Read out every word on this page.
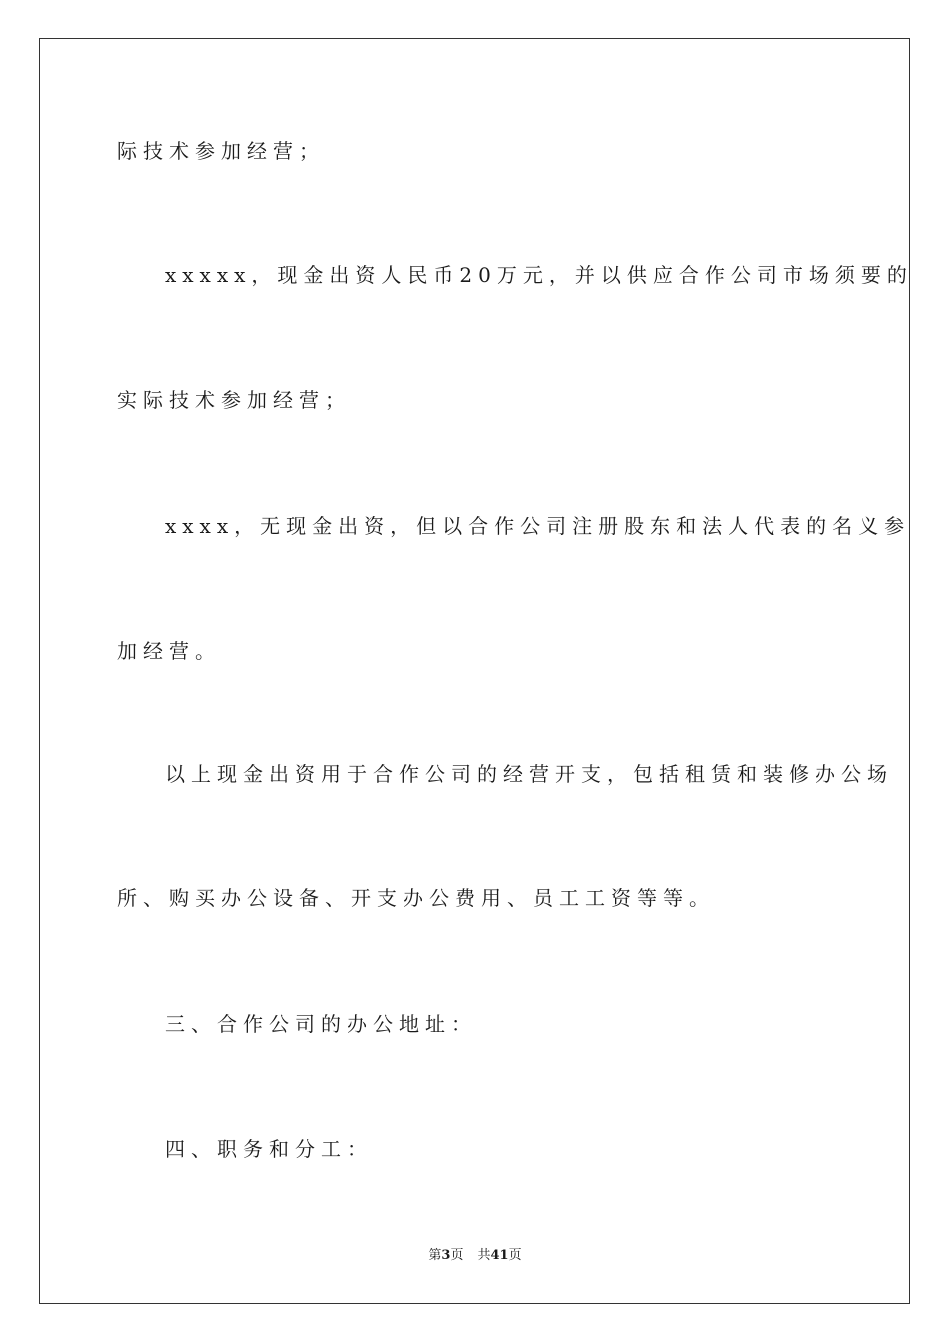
际技术参加经营；

xxxxx，现金出资人民币20万元，并以供应合作公司市场须要的

实际技术参加经营；

xxxx，无现金出资，但以合作公司注册股东和法人代表的名义参

加经营。

以上现金出资用于合作公司的经营开支，包括租赁和装修办公场

所、购买办公设备、开支办公费用、员工工资等等。

三、合作公司的办公地址：

四、职务和分工：

第3页 共41页
